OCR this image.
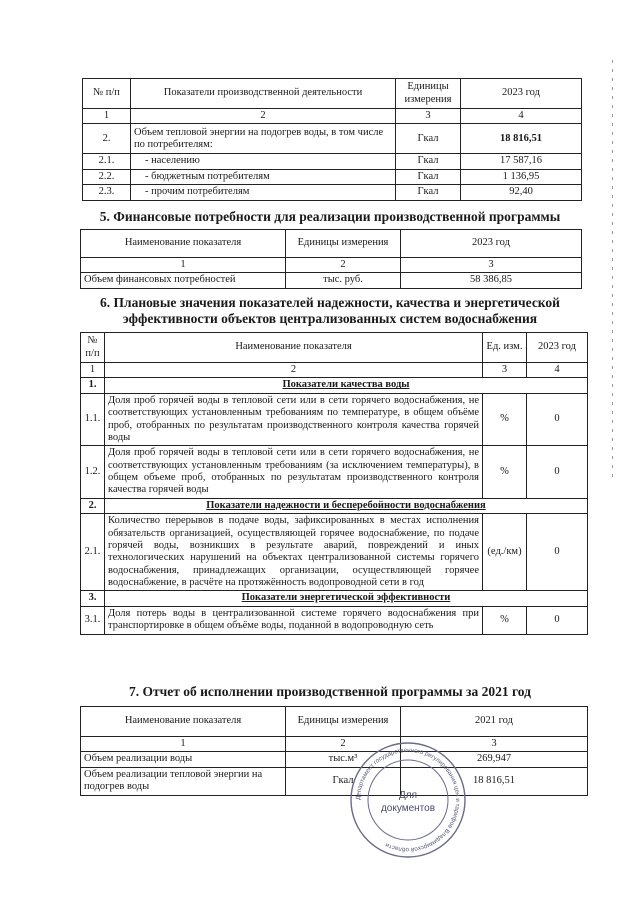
№ п/п	Показатели производственной деятельности	Единицы измерения	2023 год
1	2	3	4
2.	Объем тепловой энергии на подогрев воды, в том числе по потребителям:	Гкал	18 816,51
2.1.	- населению	Гкал	17 587,16
2.2.	- бюджетным потребителям	Гкал	1 136,95
2.3.	- прочим потребителям	Гкал	92,40
5. Финансовые потребности для реализации производственной программы
Наименование показателя	Единицы измерения	2023 год
1	2	3
Объем финансовых потребностей	тыс. руб.	58 386,85
6. Плановые значения показателей надежности, качества и энергетической
эффективности объектов централизованных систем водоснабжения
№ п/п	Наименование показателя	Ед. изм.	2023 год
1	2	3	4
1.	Показатели качества воды		
1.1.	Доля проб горячей воды в тепловой сети или в сети горячего водоснабжения, не соответствующих установленным требованиям по температуре, в общем объёме проб, отобранных по результатам производственного контроля качества горячей воды	%	0
1.2.	Доля проб горячей воды в тепловой сети или в сети горячего водоснабжения, не соответствующих установленным требованиям (за исключением температуры), в общем объеме проб, отобранных по результатам производственного контроля качества горячей воды	%	0
2.	Показатели надежности и бесперебойности водоснабжения		
2.1.	Количество перерывов в подаче воды, зафиксированных в местах исполнения обязательств организацией, осуществляющей горячее водоснабжение, по подаче горячей воды, возникших в результате аварий, повреждений и иных технологических нарушений на объектах централизованной системы горячего водоснабжения, принадлежащих организации, осуществляющей горячее водоснабжение, в расчёте на протяжённость водопроводной сети в год	(ед./км)	0
3.	Показатели энергетической эффективности		
3.1.	Доля потерь воды в централизованной системе горячего водоснабжения при транспортировке в общем объёме воды, поданной в водопроводную сеть	%	0
7. Отчет об исполнении производственной программы за 2021 год
Наименование показателя	Единицы измерения	2021 год
1	2	3
Объем реализации воды	тыс.м³	269,947
Объем реализации тепловой энергии на подогрев воды	Гкал	18 816,51
Департамент государственного регулирования цен и тарифов Владимирской области
Для
документов
